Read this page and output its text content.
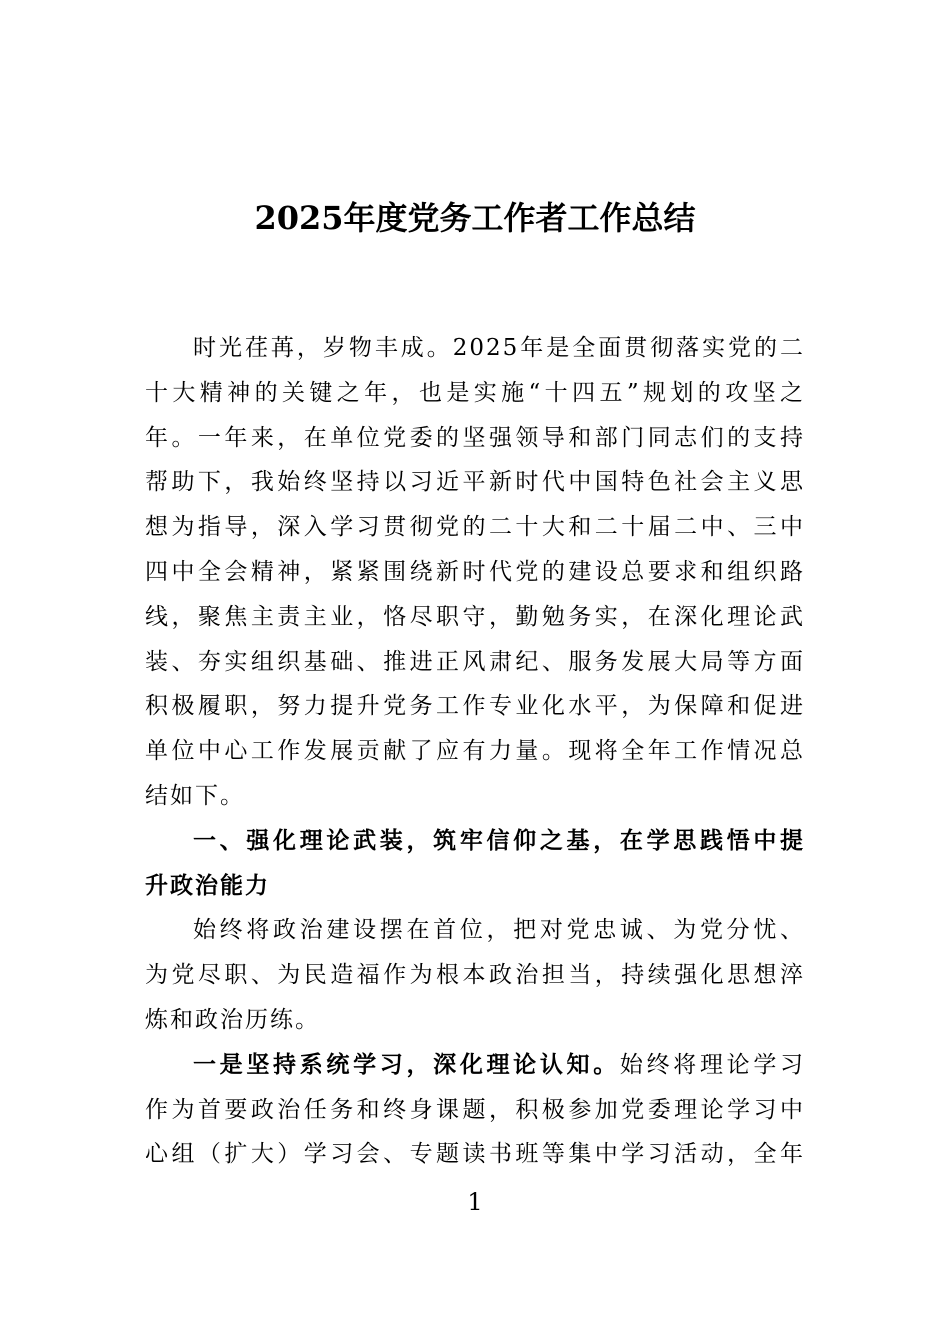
2025年度党务工作者工作总结
时光荏苒，岁物丰成。2025年是全面贯彻落实党的二
十大精神的关键之年，也是实施“十四五”规划的攻坚之
年。一年来，在单位党委的坚强领导和部门同志们的支持
帮助下，我始终坚持以习近平新时代中国特色社会主义思
想为指导，深入学习贯彻党的二十大和二十届二中、三中
四中全会精神，紧紧围绕新时代党的建设总要求和组织路
线，聚焦主责主业，恪尽职守，勤勉务实，在深化理论武
装、夯实组织基础、推进正风肃纪、服务发展大局等方面
积极履职，努力提升党务工作专业化水平，为保障和促进
单位中心工作发展贡献了应有力量。现将全年工作情况总
结如下。
一、强化理论武装，筑牢信仰之基，在学思践悟中提
升政治能力
始终将政治建设摆在首位，把对党忠诚、为党分忧、
为党尽职、为民造福作为根本政治担当，持续强化思想淬
炼和政治历练。
一是坚持系统学习，深化理论认知。始终将理论学习
作为首要政治任务和终身课题，积极参加党委理论学习中
心组（扩大）学习会、专题读书班等集中学习活动，全年
1
